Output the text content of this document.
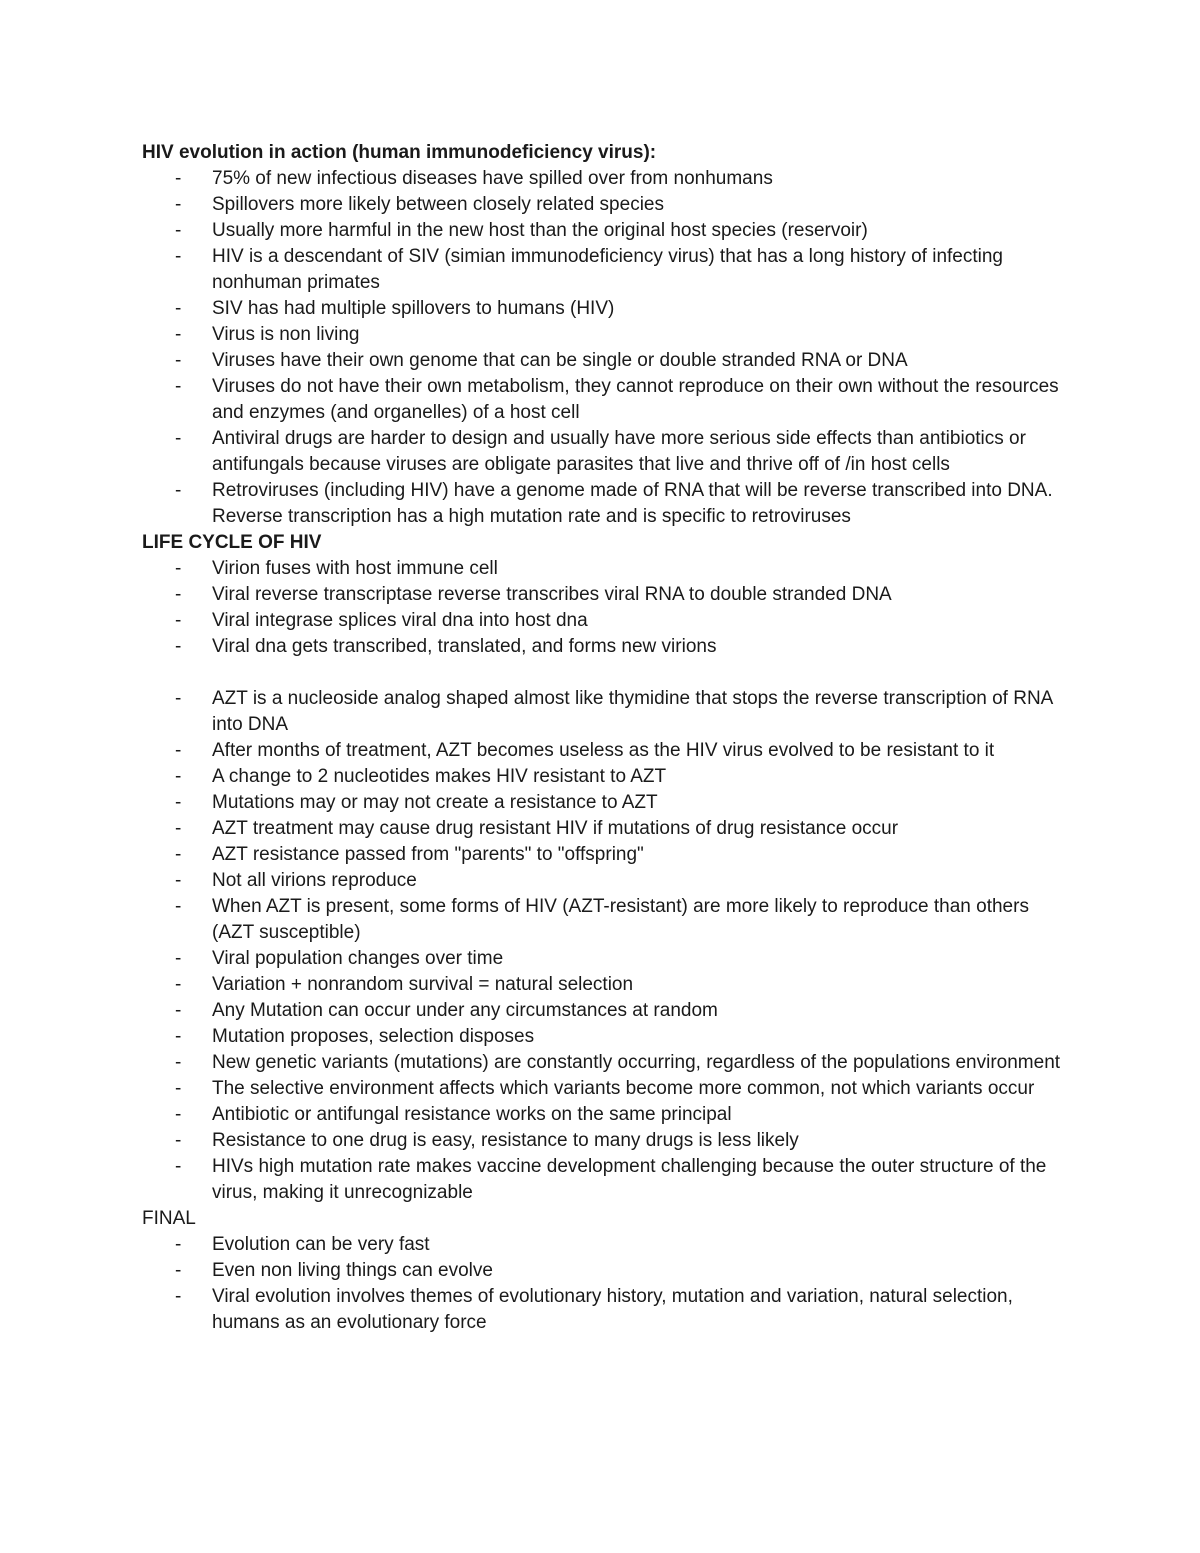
HIV evolution in action (human immunodeficiency virus):

- 75% of new infectious diseases have spilled over from nonhumans
- Spillovers more likely between closely related species
- Usually more harmful in the new host than the original host species (reservoir)
- HIV is a descendant of SIV (simian immunodeficiency virus) that has a long history of infecting nonhuman primates
- SIV has had multiple spillovers to humans (HIV)
- Virus is non living
- Viruses have their own genome that can be single or double stranded RNA or DNA
- Viruses do not have their own metabolism, they cannot reproduce on their own without the resources and enzymes (and organelles) of a host cell
- Antiviral drugs are harder to design and usually have more serious side effects than antibiotics or antifungals because viruses are obligate parasites that live and thrive off of /in host cells
- Retroviruses (including HIV) have a genome made of RNA that will be reverse transcribed into DNA. Reverse transcription has a high mutation rate and is specific to retroviruses

LIFE CYCLE OF HIV

- Virion fuses with host immune cell
- Viral reverse transcriptase reverse transcribes viral RNA to double stranded DNA
- Viral integrase splices viral dna into host dna
- Viral dna gets transcribed, translated, and forms new virions
- AZT is a nucleoside analog shaped almost like thymidine that stops the reverse transcription of RNA into DNA
- After months of treatment, AZT becomes useless as the HIV virus evolved to be resistant to it
- A change to 2 nucleotides makes HIV resistant to AZT
- Mutations may or may not create a resistance to AZT
- AZT treatment may cause drug resistant HIV if mutations of drug resistance occur
- AZT resistance passed from "parents" to "offspring"
- Not all virions reproduce
- When AZT is present, some forms of HIV (AZT-resistant) are more likely to reproduce than others (AZT susceptible)
- Viral population changes over time
- Variation + nonrandom survival = natural selection
- Any Mutation can occur under any circumstances at random
- Mutation proposes, selection disposes
- New genetic variants (mutations) are constantly occurring, regardless of the populations environment
- The selective environment affects which variants become more common, not which variants occur
- Antibiotic or antifungal resistance works on the same principal
- Resistance to one drug is easy, resistance to many drugs is less likely
- HIVs high mutation rate makes vaccine development challenging because the outer structure of the virus, making it unrecognizable

FINAL

- Evolution can be very fast
- Even non living things can evolve
- Viral evolution involves themes of evolutionary history, mutation and variation, natural selection, humans as an evolutionary force
